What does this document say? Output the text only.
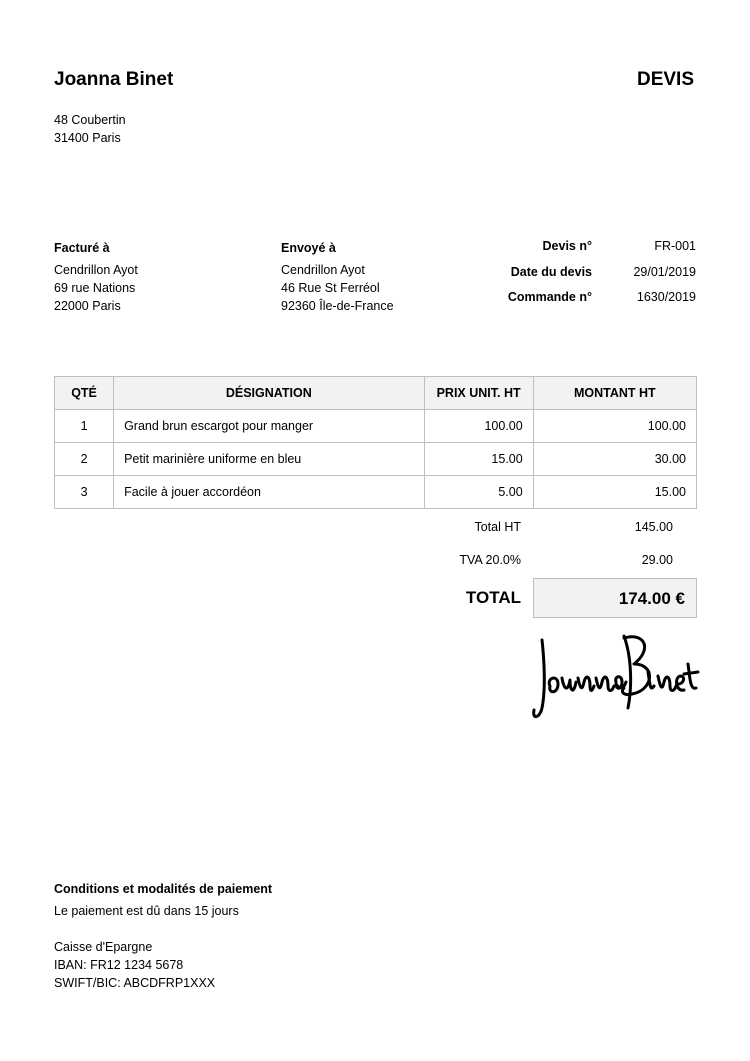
Joanna Binet	DEVIS
48 Coubertin
31400 Paris
Facturé à
Cendrillon Ayot
69 rue Nations
22000 Paris
Envoyé à
Cendrillon Ayot
46 Rue St Ferréol
92360 Île-de-France
Devis n°	FR-001
Date du devis	29/01/2019
Commande n°	1630/2019
QTÉ	DÉSIGNATION	PRIX UNIT. HT	MONTANT HT
1	Grand brun escargot pour manger	100.00	100.00
2	Petit marinière uniforme en bleu	15.00	30.00
3	Facile à jouer accordéon	5.00	15.00
Total HT	145.00
TVA 20.0%	29.00
TOTAL	174.00 €
Conditions et modalités de paiement
Le paiement est dû dans 15 jours
Caisse d'Epargne
IBAN: FR12 1234 5678
SWIFT/BIC: ABCDFRP1XXX
